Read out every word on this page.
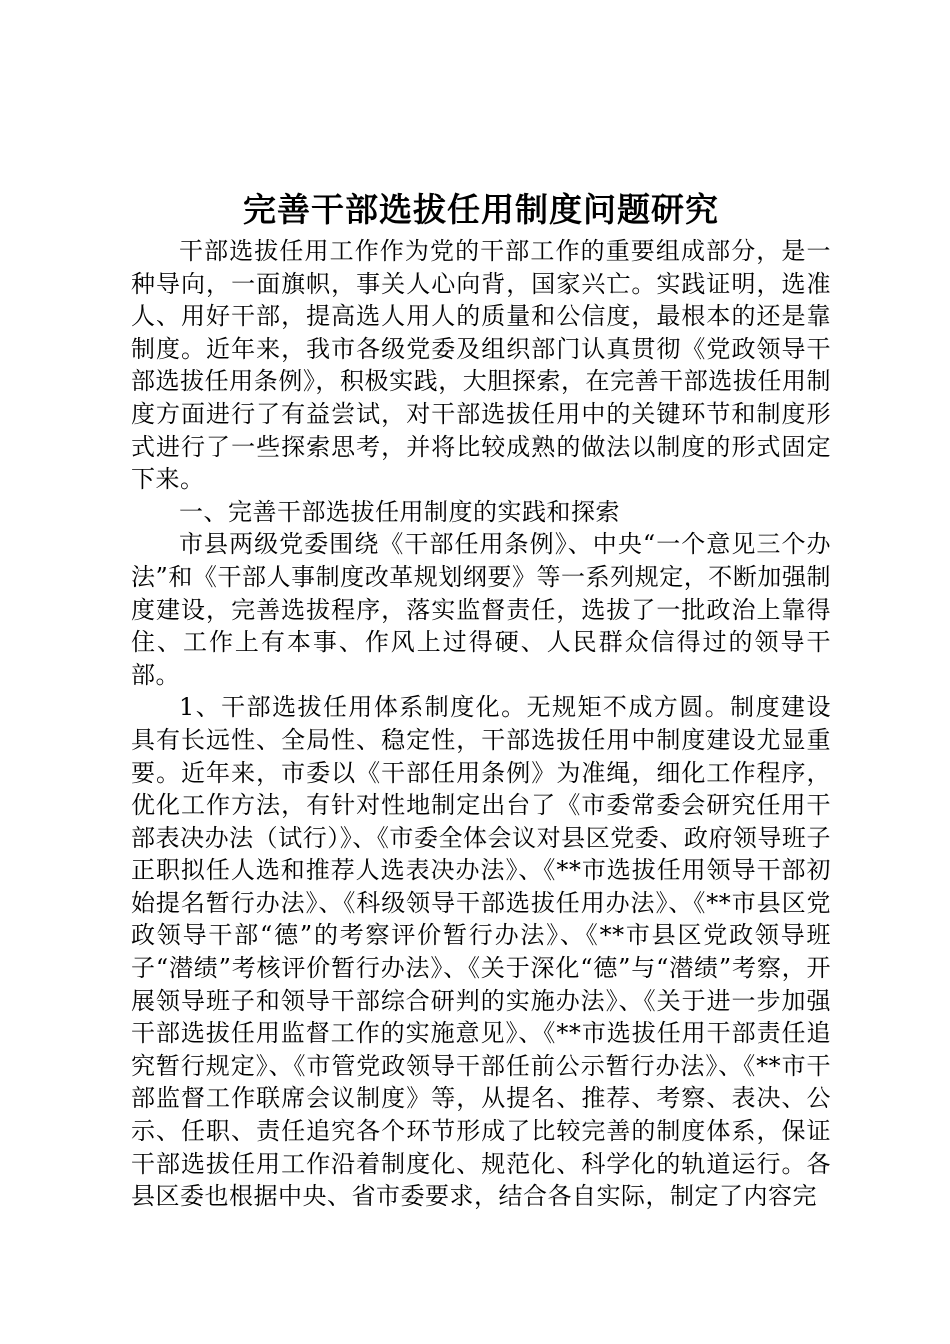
完善干部选拔任用制度问题研究

干部选拔任用工作作为党的干部工作的重要组成部分，是一种导向，一面旗帜，事关人心向背，国家兴亡。实践证明，选准人、用好干部，提高选人用人的质量和公信度，最根本的还是靠制度。近年来，我市各级党委及组织部门认真贯彻《党政领导干部选拔任用条例》，积极实践，大胆探索，在完善干部选拔任用制度方面进行了有益尝试，对干部选拔任用中的关键环节和制度形式进行了一些探索思考，并将比较成熟的做法以制度的形式固定下来。

一、完善干部选拔任用制度的实践和探索

市县两级党委围绕《干部任用条例》、中央“一个意见三个办法”和《干部人事制度改革规划纲要》等一系列规定，不断加强制度建设，完善选拔程序，落实监督责任，选拔了一批政治上靠得住、工作上有本事、作风上过得硬、人民群众信得过的领导干部。

1、干部选拔任用体系制度化。无规矩不成方圆。制度建设具有长远性、全局性、稳定性，干部选拔任用中制度建设尤显重要。近年来，市委以《干部任用条例》为准绳，细化工作程序，优化工作方法，有针对性地制定出台了《市委常委会研究任用干部表决办法（试行）》、《市委全体会议对县区党委、政府领导班子正职拟任人选和推荐人选表决办法》、《**市选拔任用领导干部初始提名暂行办法》、《科级领导干部选拔任用办法》、《**市县区党政领导干部“德”的考察评价暂行办法》、《**市县区党政领导班子“潜绩”考核评价暂行办法》、《关于深化“德”与“潜绩”考察，开展领导班子和领导干部综合研判的实施办法》、《关于进一步加强干部选拔任用监督工作的实施意见》、《**市选拔任用干部责任追究暂行规定》、《市管党政领导干部任前公示暂行办法》、《**市干部监督工作联席会议制度》等，从提名、推荐、考察、表决、公示、任职、责任追究各个环节形成了比较完善的制度体系，保证干部选拔任用工作沿着制度化、规范化、科学化的轨道运行。各县区委也根据中央、省市委要求，结合各自实际，制定了内容完
